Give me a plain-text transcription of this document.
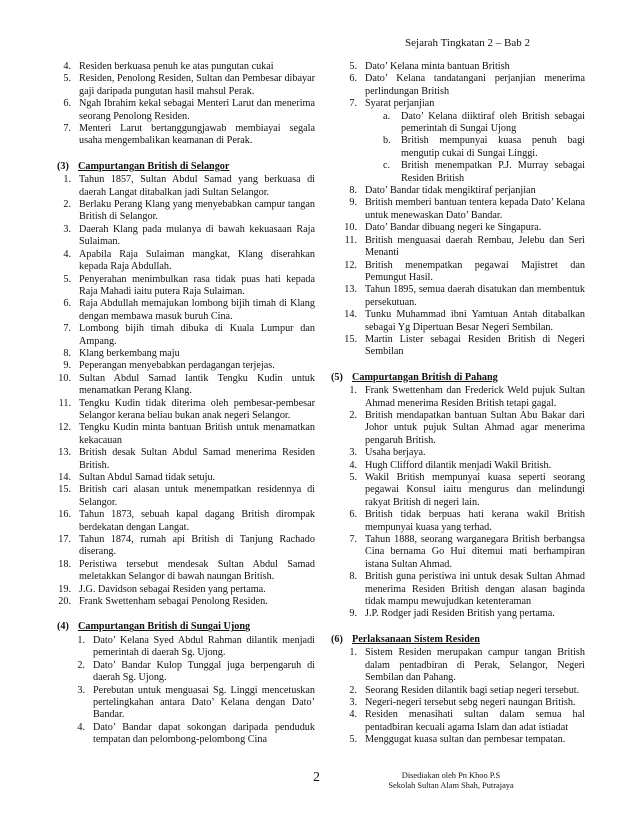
Sejarah Tingkatan 2 – Bab 2
4. Residen berkuasa penuh ke atas pungutan cukai
5. Residen, Penolong Residen, Sultan dan Pembesar dibayar gaji daripada pungutan hasil mahsul Perak.
6. Ngah Ibrahim kekal sebagai Menteri Larut dan menerima seorang Penolong Residen.
7. Menteri Larut bertanggungjawab membiayai segala usaha mengembalikan keamanan di Perak.
(3) Campurtangan British di Selangor
1. Tahun 1857, Sultan Abdul Samad yang berkuasa di daerah Langat ditabalkan jadi Sultan Selangor.
2. Berlaku Perang Klang yang menyebabkan campur tangan British di Selangor.
3. Daerah Klang pada mulanya di bawah kekuasaan Raja Sulaiman.
4. Apabila Raja Sulaiman mangkat, Klang diserahkan kepada Raja Abdullah.
5. Penyerahan menimbulkan rasa tidak puas hati kepada Raja Mahadi iaitu putera Raja Sulaiman.
6. Raja Abdullah memajukan lombong bijih timah di Klang dengan membawa masuk buruh Cina.
7. Lombong bijih timah dibuka di Kuala Lumpur dan Ampang.
8. Klang berkembang maju
9. Peperangan menyebabkan perdagangan terjejas.
10. Sultan Abdul Samad lantik Tengku Kudin untuk menamatkan Perang Klang.
11. Tengku Kudin tidak diterima oleh pembesar-pembesar Selangor kerana beliau bukan anak negeri Selangor.
12. Tengku Kudin minta bantuan British untuk menamatkan kekacauan
13. British desak Sultan Abdul Samad menerima Residen British.
14. Sultan Abdul Samad tidak setuju.
15. British cari alasan untuk menempatkan residennya di Selangor.
16. Tahun 1873, sebuah kapal dagang British dirompak berdekatan dengan Langat.
17. Tahun 1874, rumah api British di Tanjung Rachado diserang.
18. Peristiwa tersebut mendesak Sultan Abdul Samad meletakkan Selangor di bawah naungan British.
19. J.G. Davidson sebagai Residen yang pertama.
20. Frank Swettenham sebagai Penolong Residen.
(4) Campurtangan British di Sungai Ujong
1. Dato’ Kelana Syed Abdul Rahman dilantik menjadi pemerintah di daerah Sg. Ujong.
2. Dato’ Bandar Kulop Tunggal juga berpengaruh di daerah Sg. Ujong.
3. Perebutan untuk menguasai Sg. Linggi mencetuskan pertelingkahan antara Dato’ Kelana dengan Dato’ Bandar.
4. Dato’ Bandar dapat sokongan daripada penduduk tempatan dan pelombong-pelombong Cina
5. Dato’ Kelana minta bantuan British
6. Dato’ Kelana tandatangani perjanjian menerima perlindungan British
7. Syarat perjanjian
a.	Dato’ Kelana diiktiraf oleh British sebagai pemerintah di Sungai Ujong
b.	British mempunyai kuasa penuh bagi mengutip cukai di Sungai Linggi.
c.	British menempatkan P.J. Murray sebagai Residen British
8. Dato’ Bandar tidak mengiktiraf perjanjian
9. British memberi bantuan tentera kepada Dato’ Kelana untuk menewaskan Dato’ Bandar.
10. Dato’ Bandar dibuang negeri ke Singapura.
11. British menguasai daerah Rembau, Jelebu dan Seri Menanti
12. British menempatkan pegawai Majistret dan Pemungut Hasil.
13. Tahun 1895, semua daerah disatukan dan membentuk persekutuan.
14. Tunku Muhammad ibni Yamtuan Antah ditabalkan sebagai Yg Dipertuan Besar Negeri Sembilan.
15. Martin Lister sebagai Residen British di Negeri Sembilan
(5) Campurtangan British di Pahang
1. Frank Swettenham dan Frederick Weld pujuk Sultan Ahmad menerima Residen British tetapi gagal.
2. British mendapatkan bantuan Sultan Abu Bakar dari Johor untuk pujuk Sultan Ahmad agar menerima pengaruh British.
3. Usaha berjaya.
4. Hugh Clifford dilantik menjadi Wakil British.
5. Wakil British mempunyai kuasa seperti seorang pegawai Konsul iaitu mengurus dan melindungi rakyat British di negeri lain.
6. British tidak berpuas hati kerana wakil British mempunyai kuasa yang terhad.
7. Tahun 1888, seorang warganegara British berbangsa Cina bernama Go Hui ditemui mati berhampiran istana Sultan Ahmad.
8. British guna peristiwa ini untuk desak Sultan Ahmad menerima Residen British dengan alasan baginda tidak mampu mewujudkan ketenteraman
9. J.P. Rodger jadi Residen British yang pertama.
(6) Perlaksanaan Sistem Residen
1. Sistem Residen merupakan campur tangan British dalam pentadbiran di Perak, Selangor, Negeri Sembilan dan Pahang.
2. Seorang Residen dilantik bagi setiap negeri tersebut.
3. Negeri-negeri tersebut sebg negeri naungan British.
4. Residen menasihati sultan dalam semua hal pentadbiran kecuali agama Islam dan adat istiadat
5. Menggugat kuasa sultan dan pembesar tempatan.
2	Disediakan oleh Pn Khoo P.S
Sekolah Sultan Alam Shah, Putrajaya
